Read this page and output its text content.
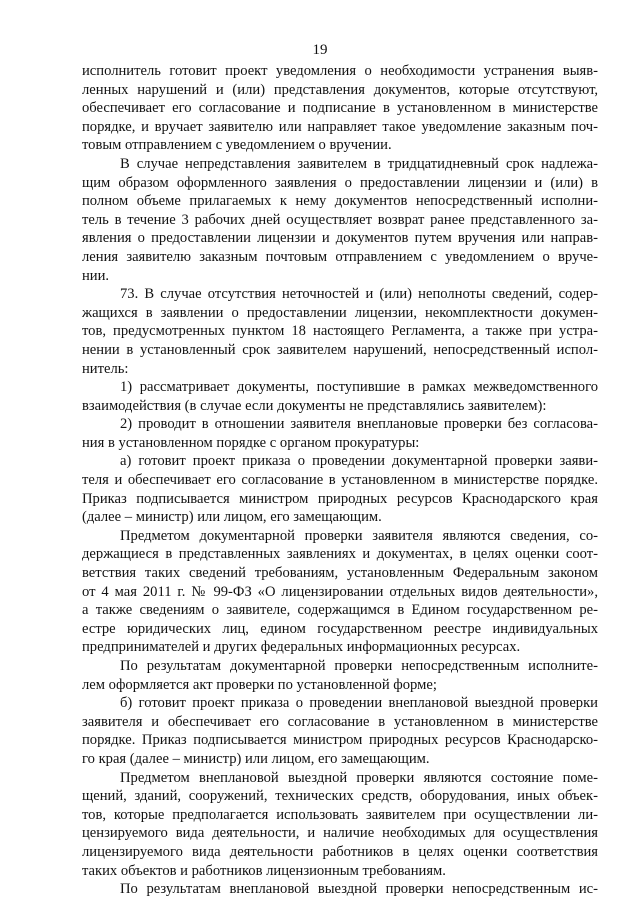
19
исполнитель готовит проект уведомления о необходимости устранения выяв-
ленных нарушений и (или) представления документов, которые отсутствуют,
обеспечивает его согласование и подписание в установленном в министерстве
порядке, и вручает заявителю или направляет такое уведомление заказным поч-
товым отправлением с уведомлением о вручении.
В случае непредставления заявителем в тридцатидневный срок надлежа-
щим образом оформленного заявления о предоставлении лицензии и (или) в
полном объеме прилагаемых к нему документов непосредственный исполни-
тель в течение 3 рабочих дней осуществляет возврат ранее представленного за-
явления о предоставлении лицензии и документов путем вручения или направ-
ления заявителю заказным почтовым отправлением с уведомлением о вруче-
нии.
73. В случае отсутствия неточностей и (или) неполноты сведений, содер-
жащихся в заявлении о предоставлении лицензии, некомплектности докумен-
тов, предусмотренных пунктом 18 настоящего Регламента, а также при устра-
нении в установленный срок заявителем нарушений, непосредственный испол-
нитель:
1) рассматривает документы, поступившие в рамках межведомственного
взаимодействия (в случае если документы не представлялись заявителем):
2) проводит в отношении заявителя внеплановые проверки без согласова-
ния в установленном порядке с органом прокуратуры:
а) готовит проект приказа о проведении документарной проверки заяви-
теля и обеспечивает его согласование в установленном в министерстве порядке.
Приказ подписывается министром природных ресурсов Краснодарского края
(далее – министр) или лицом, его замещающим.
Предметом документарной проверки заявителя являются сведения, со-
держащиеся в представленных заявлениях и документах, в целях оценки соот-
ветствия таких сведений требованиям, установленным Федеральным законом
от 4 мая 2011 г. № 99-ФЗ «О лицензировании отдельных видов деятельности»,
а также сведениям о заявителе, содержащимся в Едином государственном ре-
естре юридических лиц, едином государственном реестре индивидуальных
предпринимателей и других федеральных информационных ресурсах.
По результатам документарной проверки непосредственным исполните-
лем оформляется акт проверки по установленной форме;
б) готовит проект приказа о проведении внеплановой выездной проверки
заявителя и обеспечивает его согласование в установленном в министерстве
порядке. Приказ подписывается министром природных ресурсов Краснодарско-
го края (далее – министр) или лицом, его замещающим.
Предметом внеплановой выездной проверки являются состояние поме-
щений, зданий, сооружений, технических средств, оборудования, иных объек-
тов, которые предполагается использовать заявителем при осуществлении ли-
цензируемого вида деятельности, и наличие необходимых для осуществления
лицензируемого вида деятельности работников в целях оценки соответствия
таких объектов и работников лицензионным требованиям.
По результатам внеплановой выездной проверки непосредственным ис-
